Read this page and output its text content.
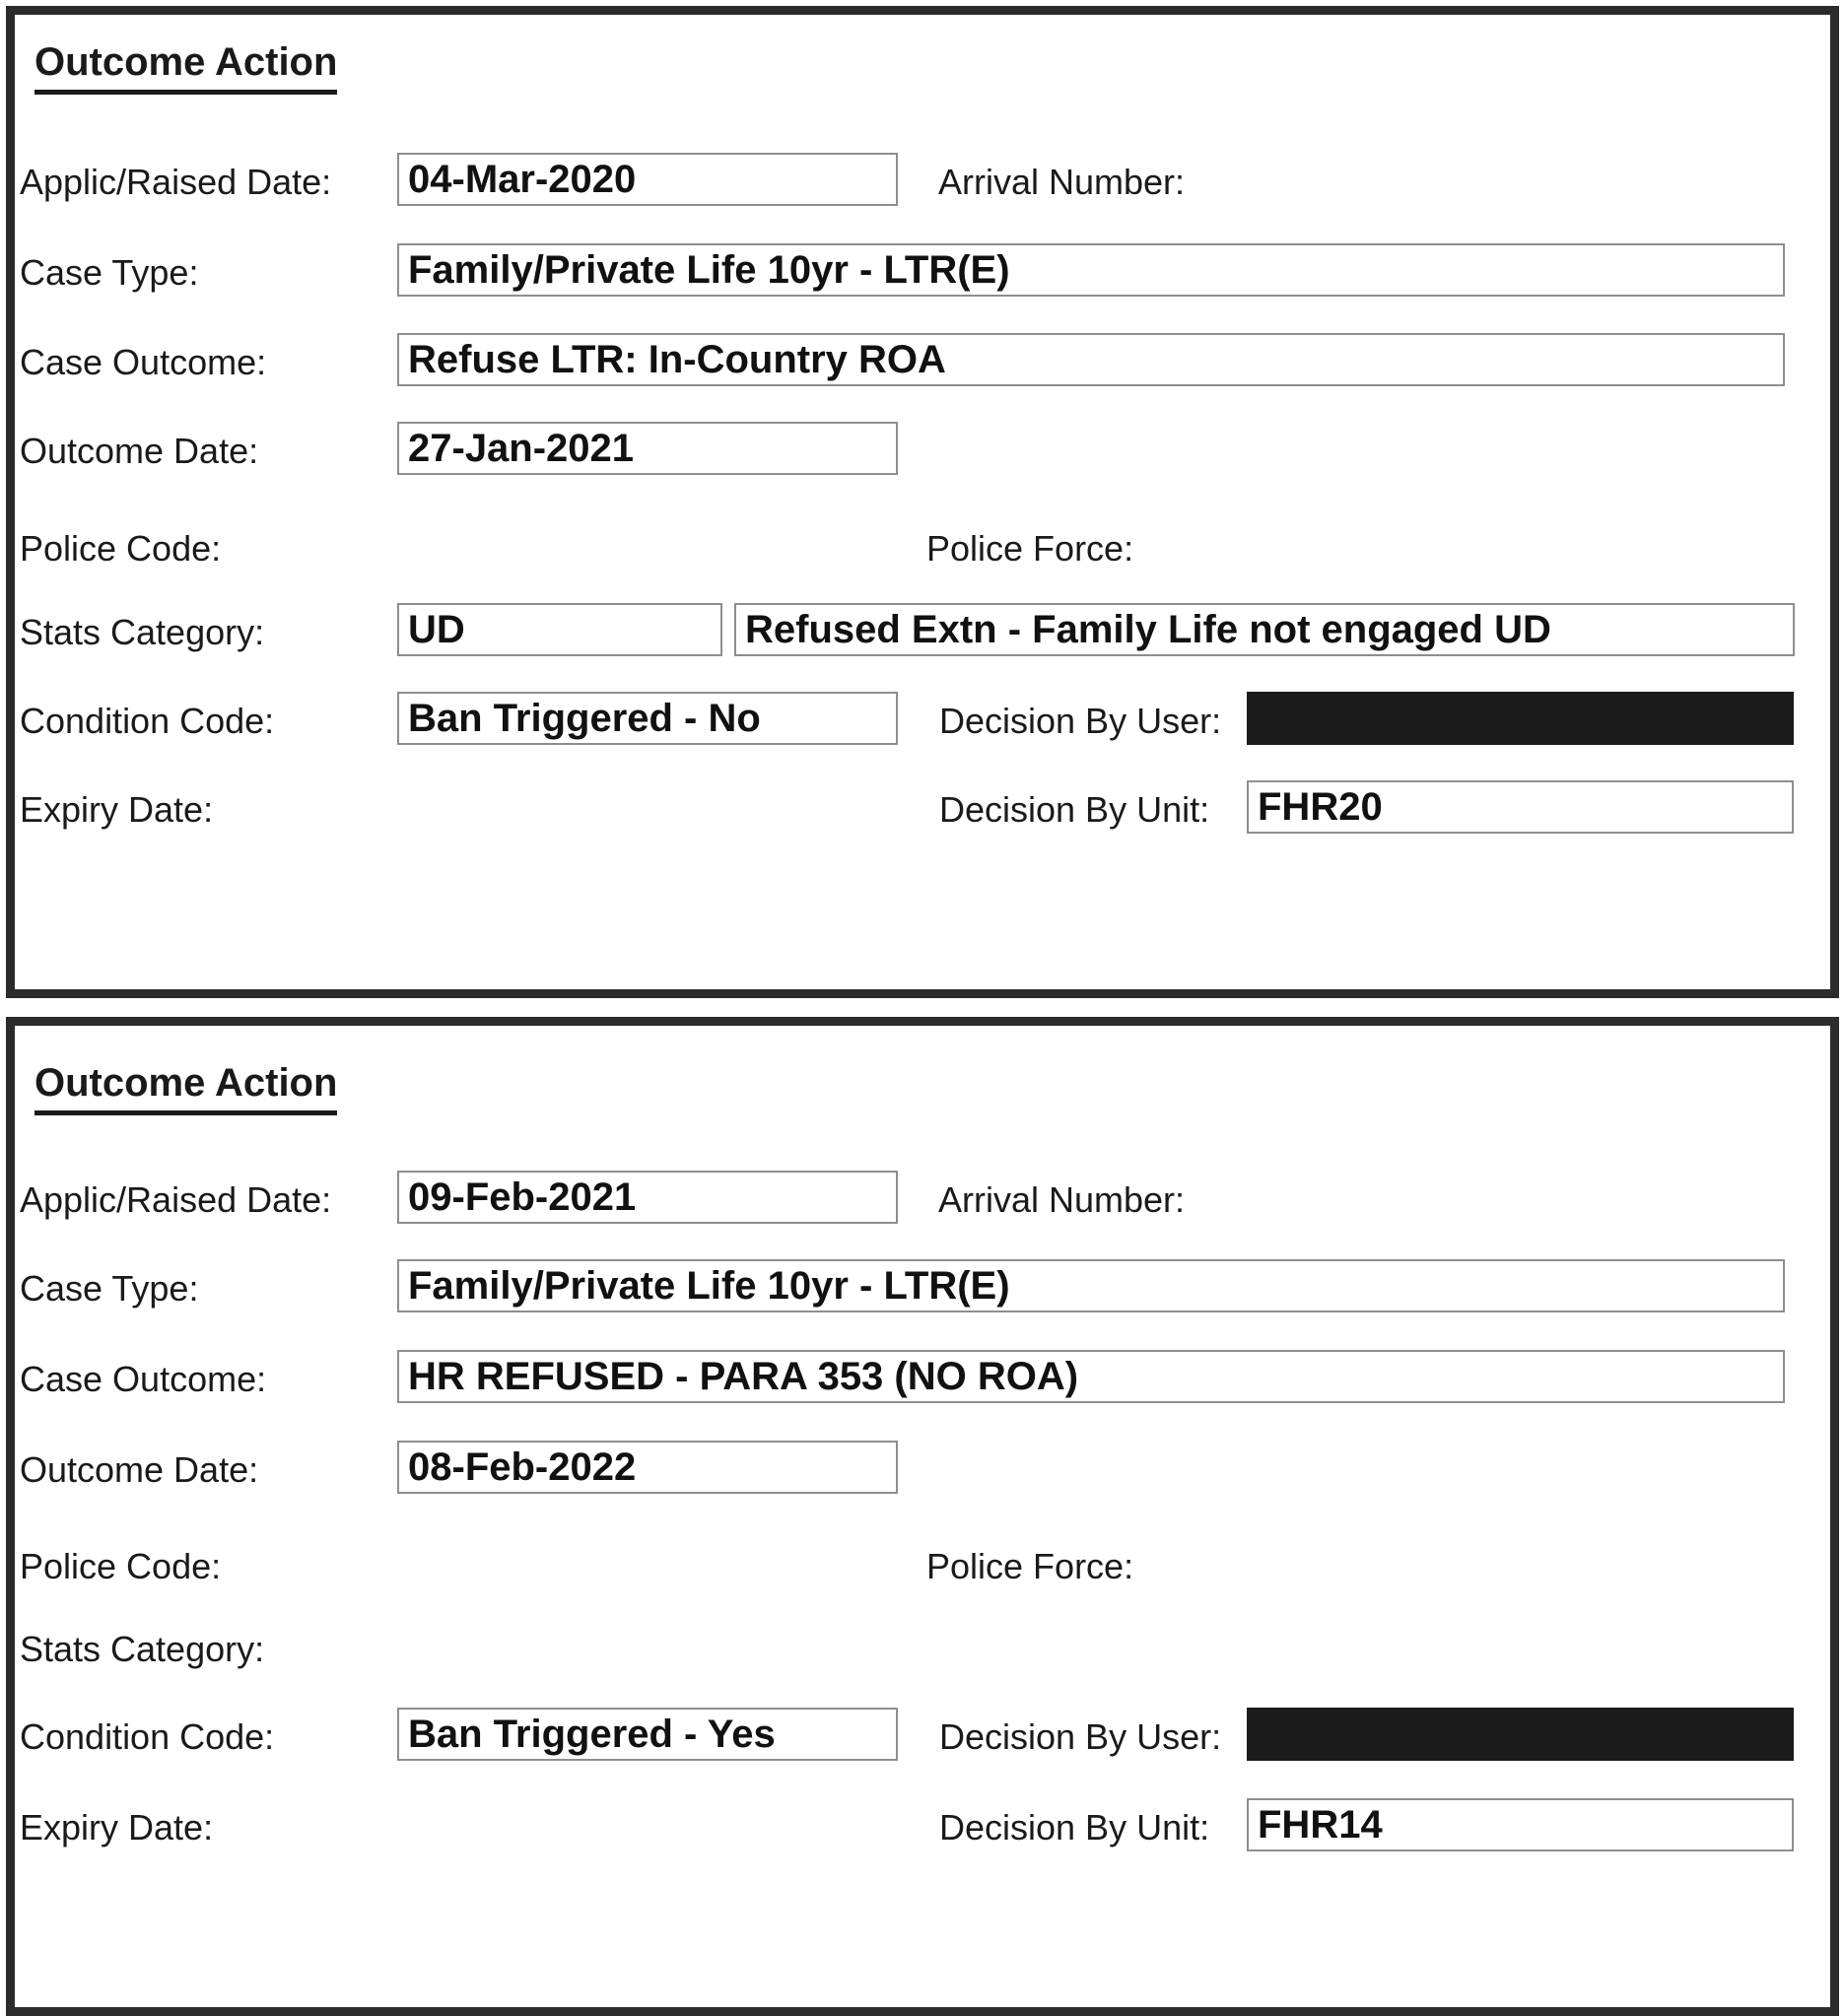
Outcome Action
Applic/Raised Date: 04-Mar-2020	Arrival Number:
Case Type:	Family/Private Life 10yr - LTR(E)
Case Outcome:	Refuse LTR: In-Country ROA
Outcome Date:	27-Jan-2021
Police Code:	Police Force:
Stats Category:	UD	Refused Extn - Family Life not engaged UD
Condition Code:	Ban Triggered - No	Decision By User:
Expiry Date:	Decision By Unit: FHR20
Outcome Action
Applic/Raised Date: 09-Feb-2021	Arrival Number:
Case Type:	Family/Private Life 10yr - LTR(E)
Case Outcome:	HR REFUSED - PARA 353 (NO ROA)
Outcome Date:	08-Feb-2022
Police Code:	Police Force:
Stats Category:
Condition Code:	Ban Triggered - Yes	Decision By User:
Expiry Date:	Decision By Unit: FHR14
